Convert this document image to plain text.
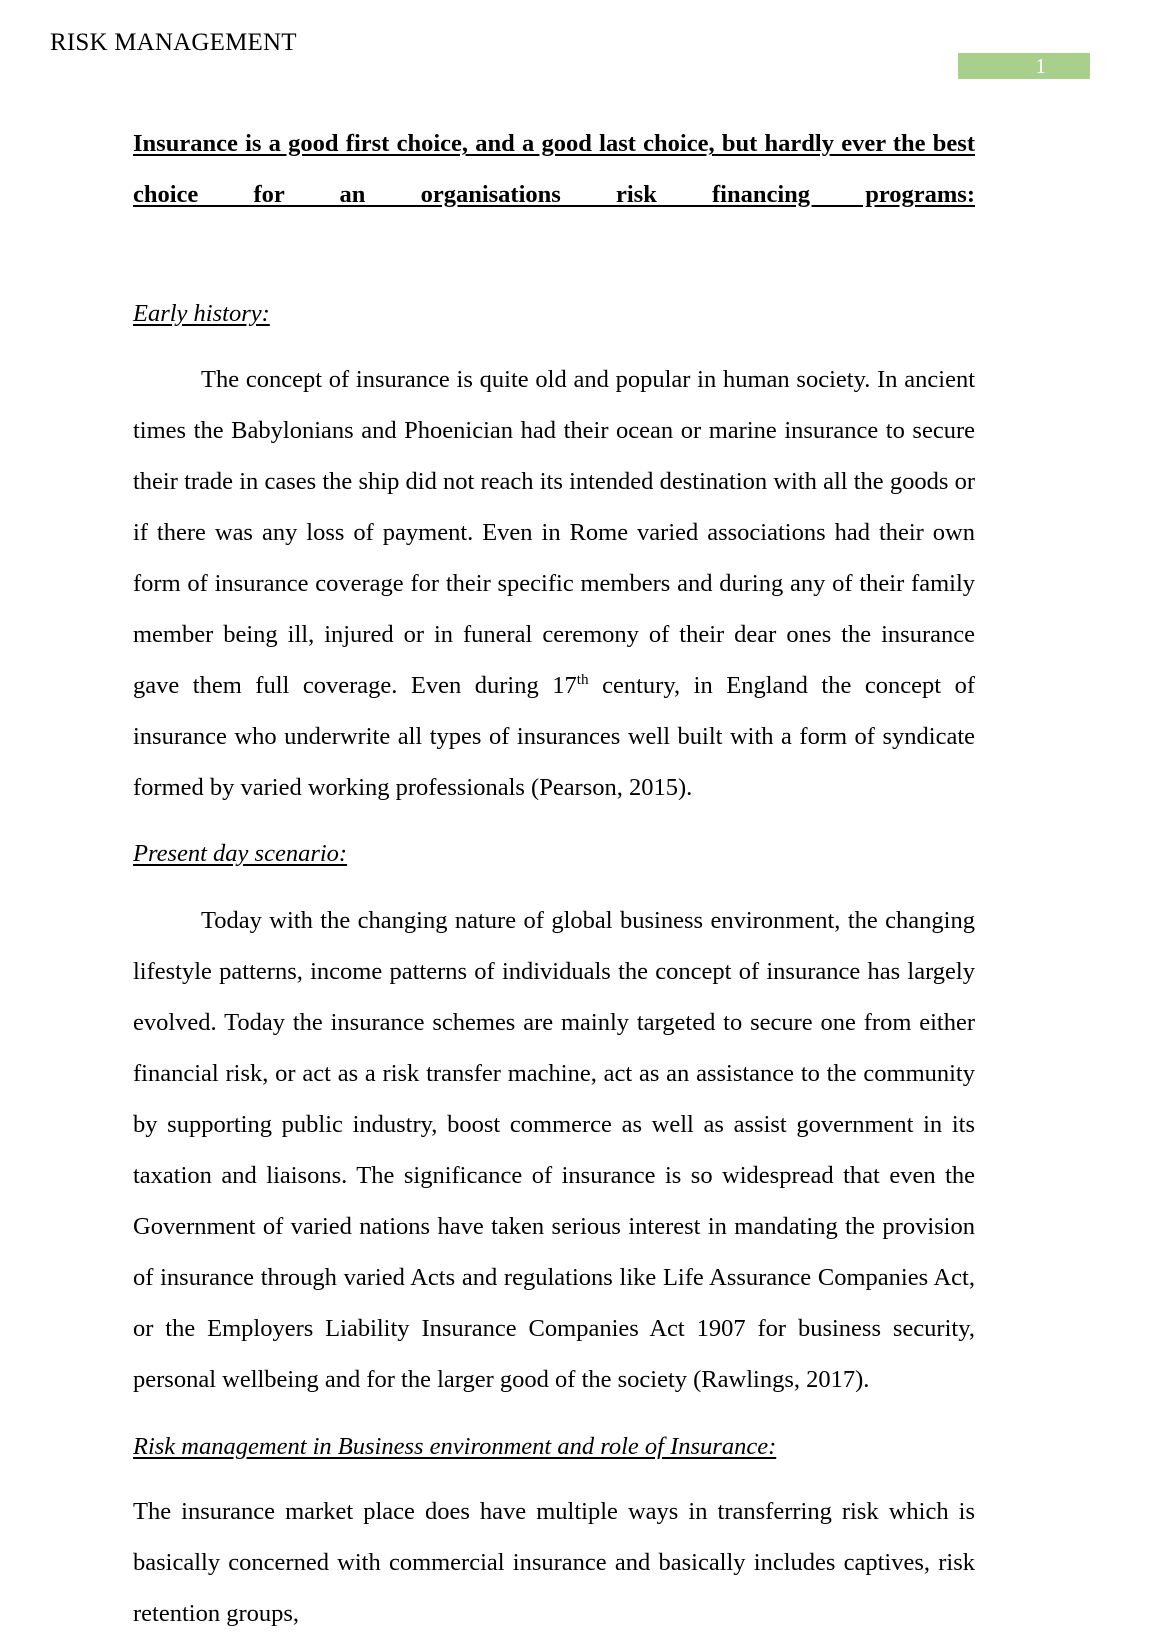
RISK MANAGEMENT
1
Insurance is a good first choice, and a good last choice, but hardly ever the best choice for an organisations risk financing programs:
Early history:

The concept of insurance is quite old and popular in human society. In ancient times the Babylonians and Phoenician had their ocean or marine insurance to secure their trade in cases the ship did not reach its intended destination with all the goods or if there was any loss of payment. Even in Rome varied associations had their own form of insurance coverage for their specific members and during any of their family member being ill, injured or in funeral ceremony of their dear ones the insurance gave them full coverage. Even during 17th century, in England the concept of insurance who underwrite all types of insurances well built with a form of syndicate formed by varied working professionals (Pearson, 2015).

Present day scenario:

Today with the changing nature of global business environment, the changing lifestyle patterns, income patterns of individuals the concept of insurance has largely evolved. Today the insurance schemes are mainly targeted to secure one from either financial risk, or act as a risk transfer machine, act as an assistance to the community by supporting public industry, boost commerce as well as assist government in its taxation and liaisons. The significance of insurance is so widespread that even the Government of varied nations have taken serious interest in mandating the provision of insurance through varied Acts and regulations like Life Assurance Companies Act, or the Employers Liability Insurance Companies Act 1907 for business security, personal wellbeing and for the larger good of the society (Rawlings, 2017).

Risk management in Business environment and role of Insurance:

The insurance market place does have multiple ways in transferring risk which is basically concerned with commercial insurance and basically includes captives, risk retention groups,
